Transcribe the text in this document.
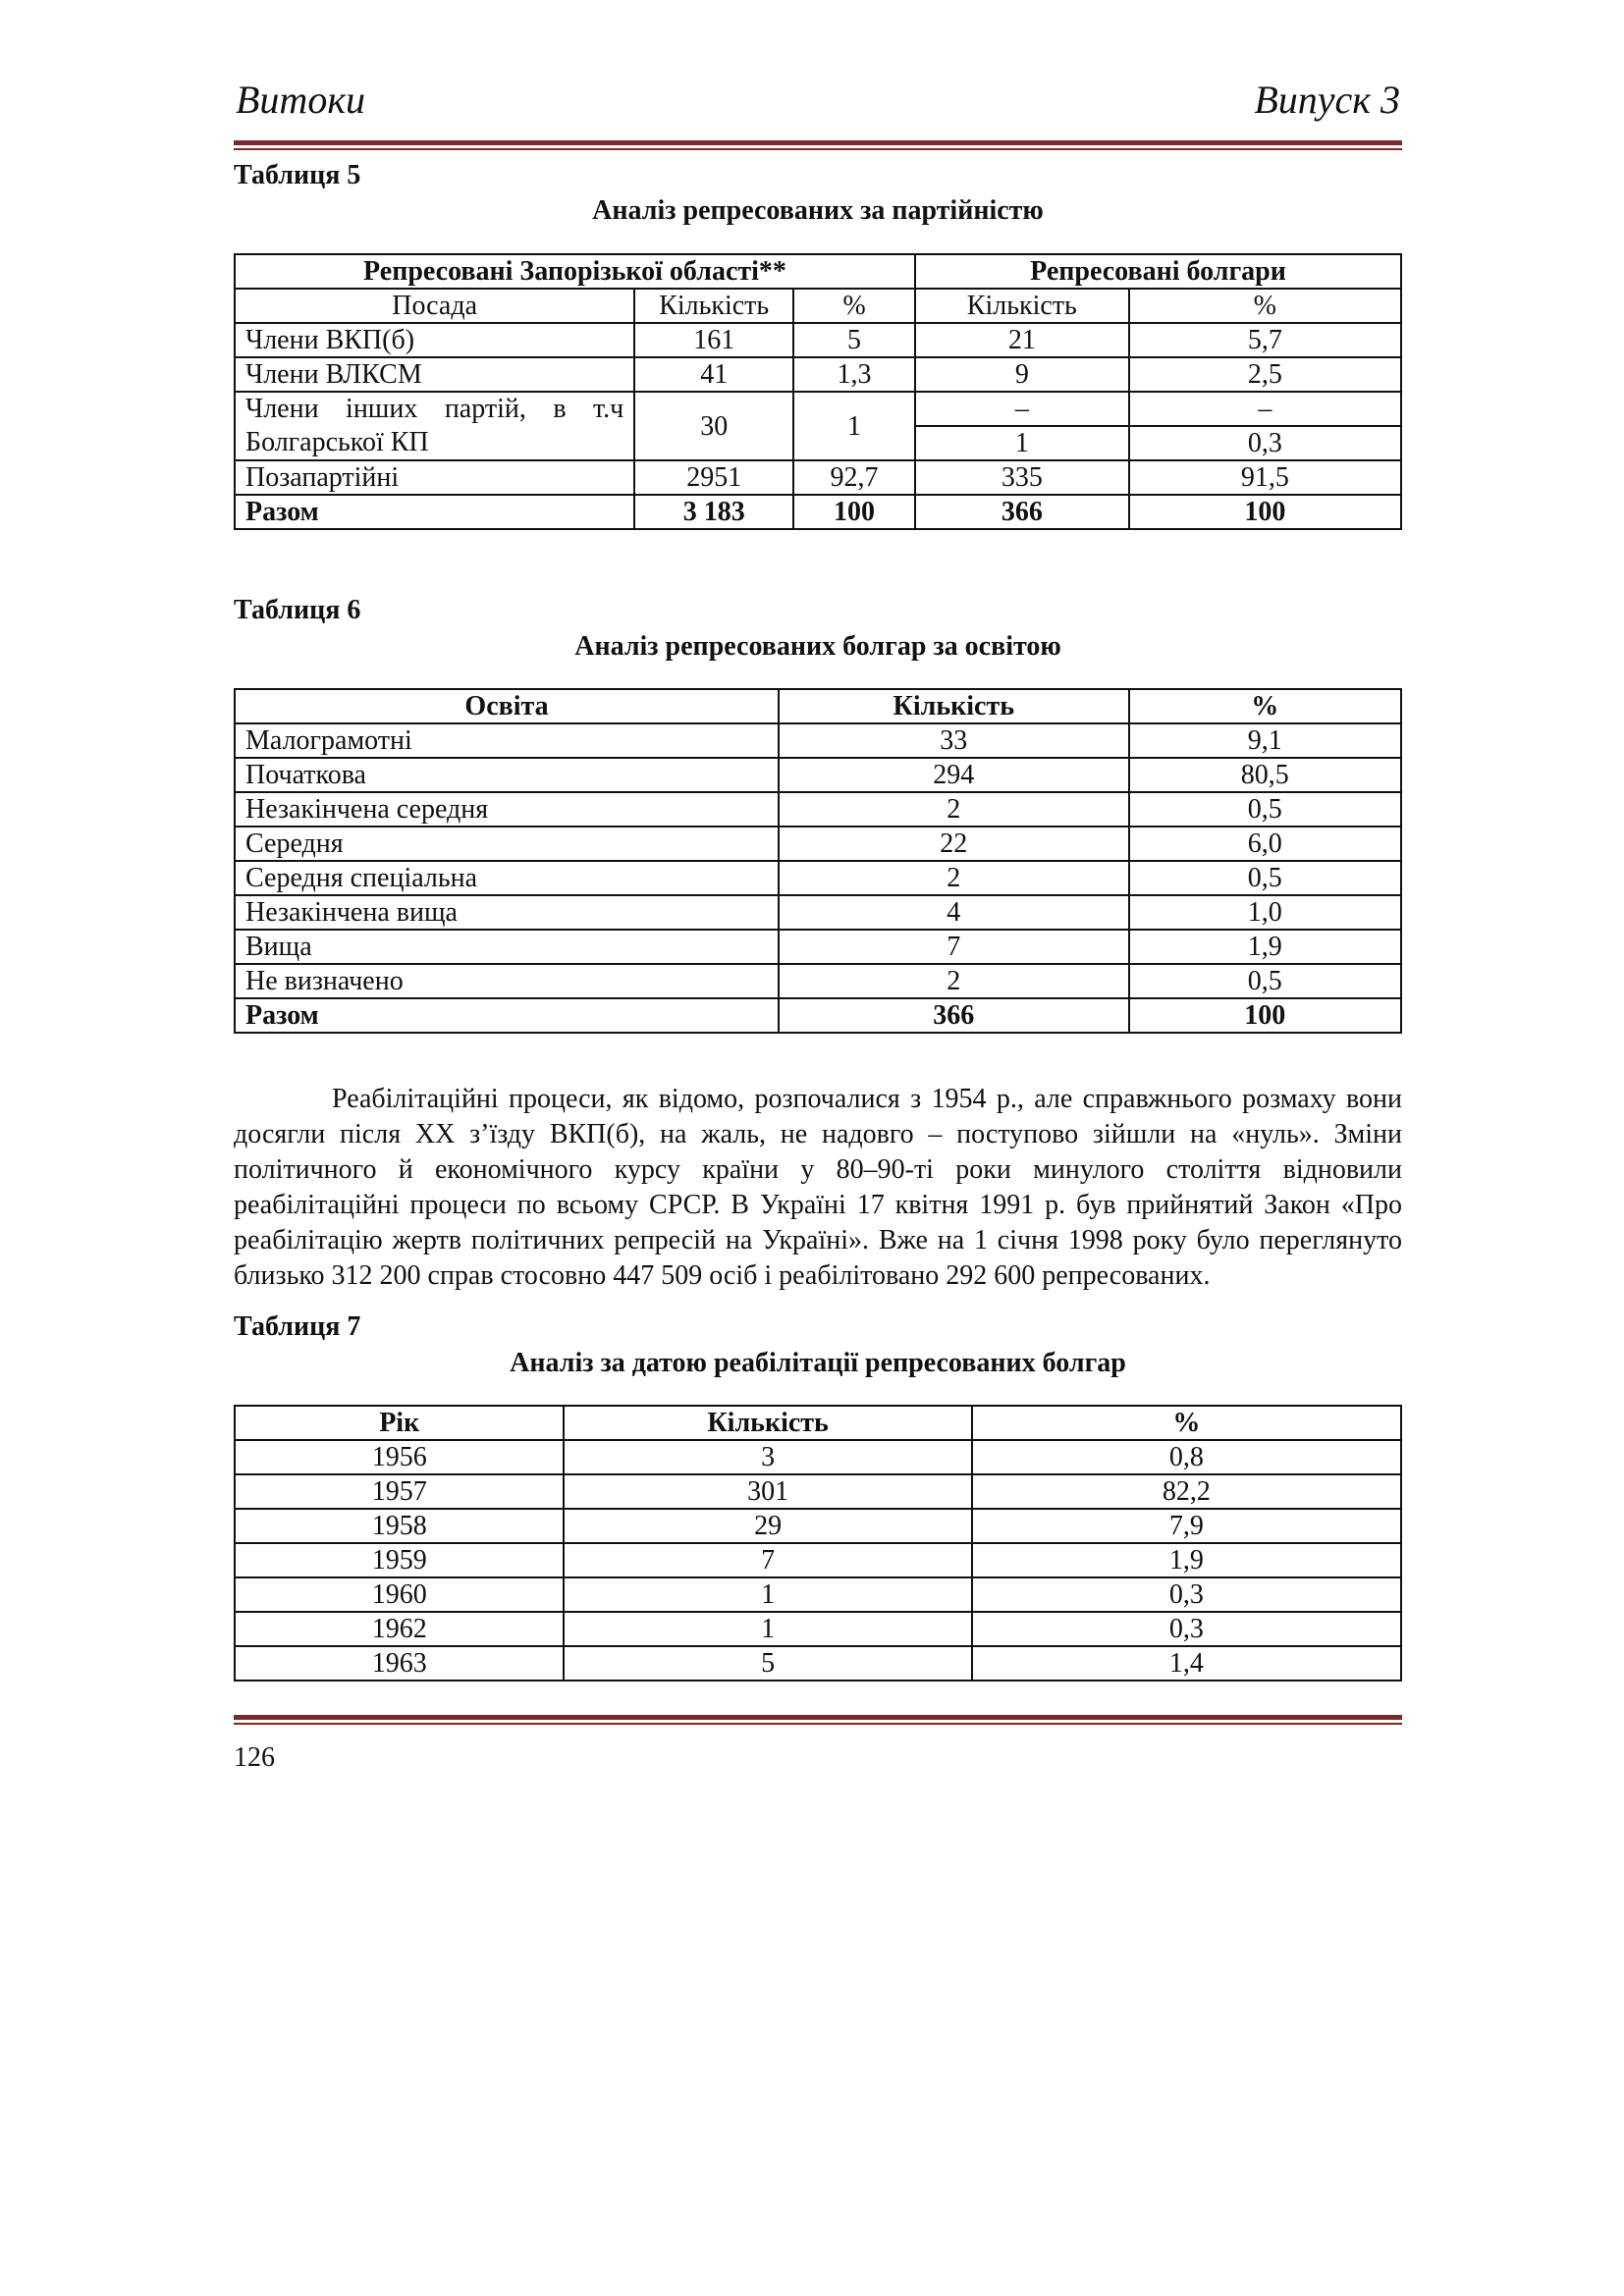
Витоки	Випуск 3
Таблиця 5
Аналіз репресованих за партійністю
Репресовані Запорізької області**			Репресовані болгари	
Посада	Кількість	%	Кількість	%
Члени ВКП(б)	161	5	21	5,7
Члени ВЛКСМ	41	1,3	9	2,5

Члени інших партій, в т.ч
Болгарської КП	30	1	–	–
			1	0,3
Позапартійні	2951	92,7	335	91,5
Разом	3 183	100	366	100
Таблиця 6
Аналіз репресованих болгар за освітою
Освіта	Кількість	%
Малограмотні	33	9,1
Початкова	294	80,5
Незакінчена середня	2	0,5
Середня	22	6,0
Середня спеціальна	2	0,5
Незакінчена вища	4	1,0
Вища	7	1,9
Не визначено	2	0,5
Разом	366	100

Реабілітаційні процеси, як відомо, розпочалися з 1954 р., але справжнього розмаху вони досягли після ХХ з’їзду ВКП(б), на жаль, не надовго – поступово зійшли на «нуль». Зміни політичного й економічного курсу країни у 80–90-ті роки минулого століття відновили реабілітаційні процеси по всьому СРСР. В Україні 17 квітня 1991 р. був прийнятий Закон «Про реабілітацію жертв політичних репресій на Україні». Вже на 1 січня 1998 року було переглянуто близько 312 200 справ стосовно 447 509 осіб і реабілітовано 292 600 репресованих.

Таблиця 7
Аналіз за датою реабілітації репресованих болгар
Рік	Кількість	%
1956	3	0,8
1957	301	82,2
1958	29	7,9
1959	7	1,9
1960	1	0,3
1962	1	0,3
1963	5	1,4
126
